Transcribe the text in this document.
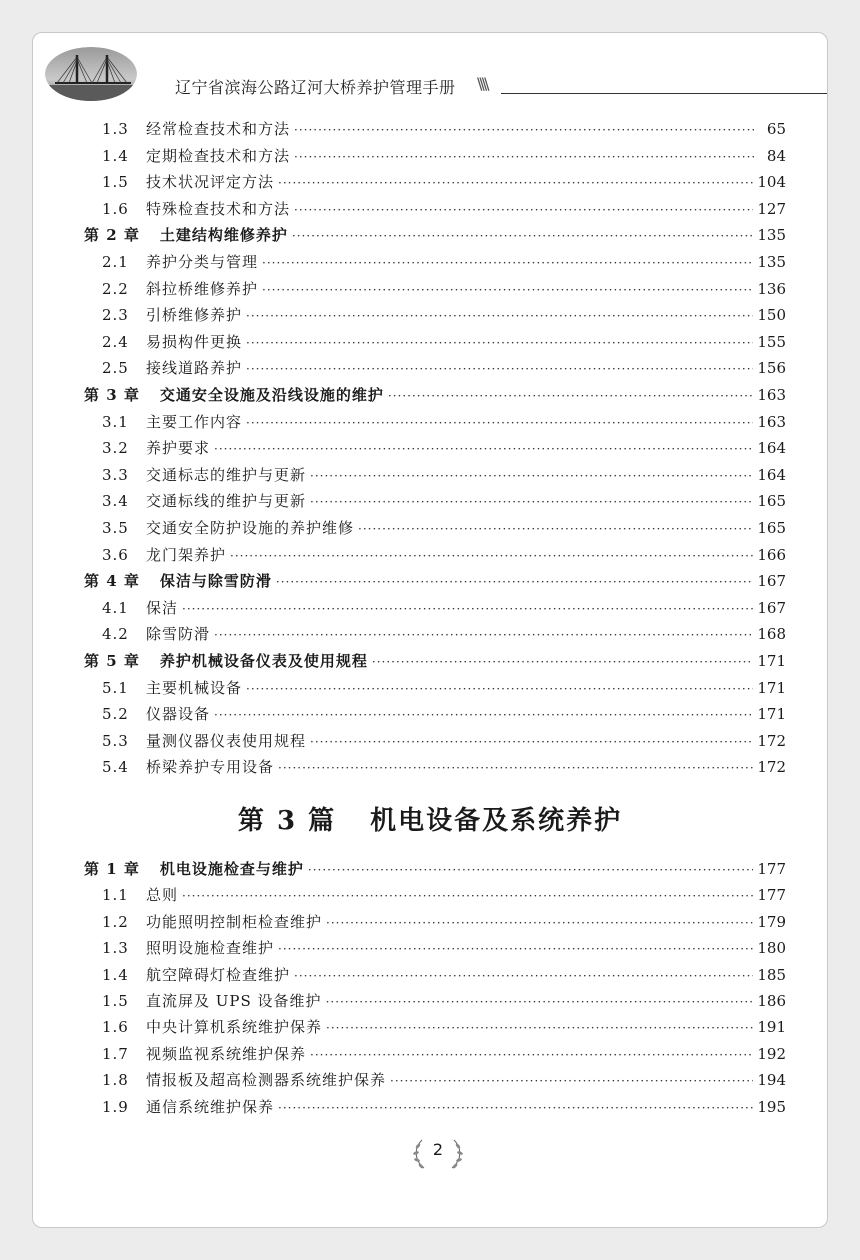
辽宁省滨海公路辽河大桥养护管理手册 \\\\
1.3	经常检查技术和方法 ·····	65
1.4	定期检查技术和方法 ·····	84
1.5	技术状况评定方法 ·····	104
1.6	特殊检查技术和方法 ·····	127
第 2 章 土建结构维修养护 ·····	135
2.1	养护分类与管理 ·····	135
2.2	斜拉桥维修养护 ·····	136
2.3	引桥维修养护 ·····	150
2.4	易损构件更换 ·····	155
2.5	接线道路养护 ·····	156
第 3 章 交通安全设施及沿线设施的维护 ·····	163
3.1	主要工作内容 ·····	163
3.2	养护要求 ·····	164
3.3	交通标志的维护与更新 ·····	164
3.4	交通标线的维护与更新 ·····	165
3.5	交通安全防护设施的养护维修 ·····	165
3.6	龙门架养护 ·····	166
第 4 章 保洁与除雪防滑 ·····	167
4.1	保洁 ·····	167
4.2	除雪防滑 ·····	168
第 5 章 养护机械设备仪表及使用规程 ·····	171
5.1	主要机械设备 ·····	171
5.2	仪器设备 ·····	171
5.3	量测仪器仪表使用规程 ·····	172
5.4	桥梁养护专用设备 ·····	172
第 1 章 机电设施检查与维护 ·····	177
1.1	总则 ·····	177
1.2	功能照明控制柜检查维护 ·····	179
1.3	照明设施检查维护 ·····	180
1.4	航空障碍灯检查维护 ·····	185
1.5	直流屏及 UPS 设备维护 ·····	186
1.6	中央计算机系统维护保养 ·····	191
1.7	视频监视系统维护保养 ·····	192
1.8	情报板及超高检测器系统维护保养 ·····	194
1.9	通信系统维护保养 ·····	195
第 3 篇 机电设备及系统养护
2
